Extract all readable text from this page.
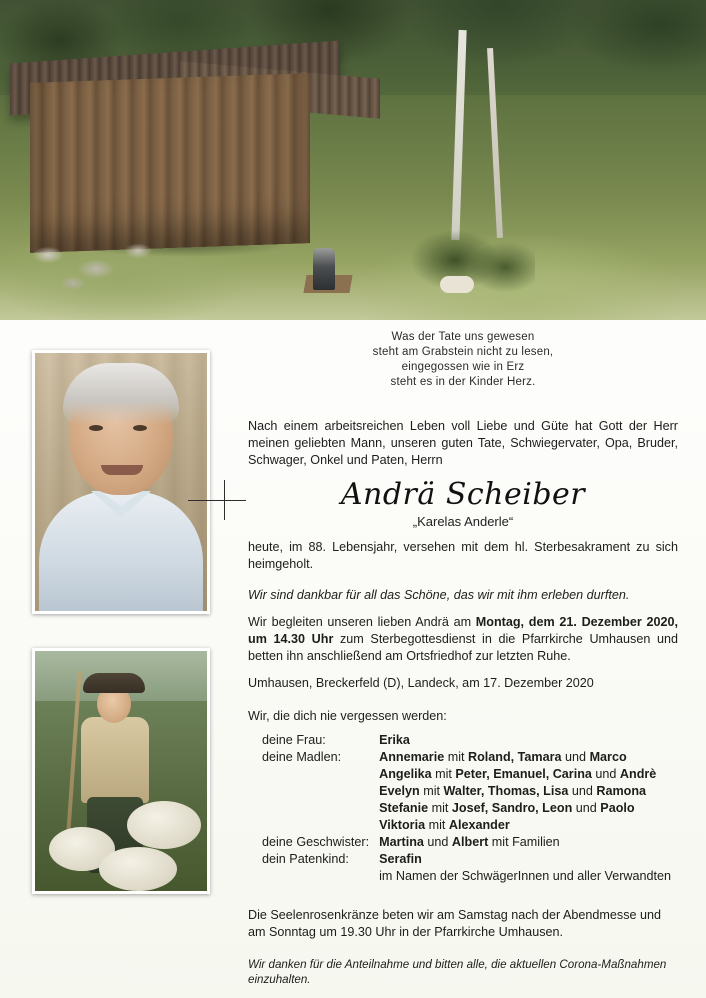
Was der Tate uns gewesen
steht am Grabstein nicht zu lesen,
eingegossen wie in Erz
steht es in der Kinder Herz.

Nach einem arbeitsreichen Leben voll Liebe und Güte hat Gott der Herr meinen geliebten Mann, unseren guten Tate, Schwiegervater, Opa, Bruder, Schwager, Onkel und Paten, Herrn

Andrä Scheiber
„Karelas Anderle“

heute, im 88. Lebensjahr, versehen mit dem hl. Sterbesakrament zu sich heimgeholt.

Wir sind dankbar für all das Schöne, das wir mit ihm erleben durften.

Wir begleiten unseren lieben Andrä am Montag, dem 21. Dezember 2020, um 14.30 Uhr zum Sterbegottesdienst in die Pfarrkirche Umhausen und betten ihn anschließend am Ortsfriedhof zur letzten Ruhe.

Umhausen, Breckerfeld (D), Landeck, am 17. Dezember 2020

Wir, die dich nie vergessen werden:
deine Frau:	Erika
deine Madlen:	Annemarie mit Roland, Tamara und Marco
	Angelika mit Peter, Emanuel, Carina und Andrè
	Evelyn mit Walter, Thomas, Lisa und Ramona
	Stefanie mit Josef, Sandro, Leon und Paolo
	Viktoria mit Alexander
deine Geschwister:	Martina und Albert mit Familien
dein Patenkind:	Serafin
	im Namen der SchwägerInnen und aller Verwandten

Die Seelenrosenkränze beten wir am Samstag nach der Abendmesse und am Sonntag um 19.30 Uhr in der Pfarrkirche Umhausen.

Wir danken für die Anteilnahme und bitten alle, die aktuellen Corona-Maßnahmen einzuhalten.
